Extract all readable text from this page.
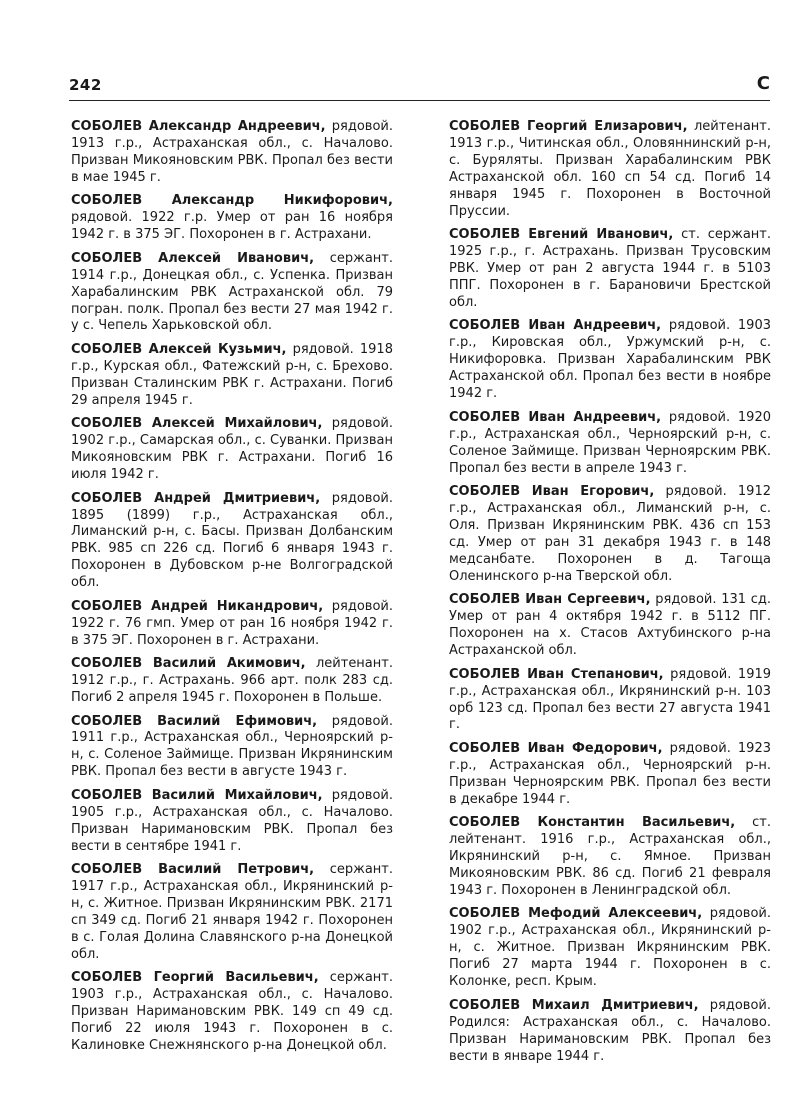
242	С

СОБОЛЕВ Александр Андреевич, рядовой. 1913 г.р., Астраханская обл., с. Началово. Призван Микояновским РВК. Пропал без вести в мае 1945 г.

СОБОЛЕВ Александр Никифорович, рядовой. 1922 г.р. Умер от ран 16 ноября 1942 г. в 375 ЭГ. Похоронен в г. Астрахани.

СОБОЛЕВ Алексей Иванович, сержант. 1914 г.р., Донецкая обл., с. Успенка. Призван Харабалинским РВК Астраханской обл. 79 погран. полк. Пропал без вести 27 мая 1942 г. у с. Чепель Харьковской обл.

СОБОЛЕВ Алексей Кузьмич, рядовой. 1918 г.р., Курская обл., Фатежский р-н, с. Брехово. Призван Сталинским РВК г. Астрахани. Погиб 29 апреля 1945 г.

СОБОЛЕВ Алексей Михайлович, рядовой. 1902 г.р., Самарская обл., с. Суванки. Призван Микояновским РВК г. Астрахани. Погиб 16 июля 1942 г.

СОБОЛЕВ Андрей Дмитриевич, рядовой. 1895 (1899) г.р., Астраханская обл., Лиманский р-н, с. Басы. Призван Долбанским РВК. 985 сп 226 сд. Погиб 6 января 1943 г. Похоронен в Дубовском р-не Волгоградской обл.

СОБОЛЕВ Андрей Никандрович, рядовой. 1922 г. 76 гмп. Умер от ран 16 ноября 1942 г. в 375 ЭГ. Похоронен в г. Астрахани.

СОБОЛЕВ Василий Акимович, лейтенант. 1912 г.р., г. Астрахань. 966 арт. полк 283 сд. Погиб 2 апреля 1945 г. Похоронен в Польше.

СОБОЛЕВ Василий Ефимович, рядовой. 1911 г.р., Астраханская обл., Черноярский р-н, с. Соленое Займище. Призван Икрянинским РВК. Пропал без вести в августе 1943 г.

СОБОЛЕВ Василий Михайлович, рядовой. 1905 г.р., Астраханская обл., с. Началово. Призван Наримановским РВК. Пропал без вести в сентябре 1941 г.

СОБОЛЕВ Василий Петрович, сержант. 1917 г.р., Астраханская обл., Икрянинский р-н, с. Житное. Призван Икрянинским РВК. 2171 сп 349 сд. Погиб 21 января 1942 г. Похоронен в с. Голая Долина Славянского р-на Донецкой обл.

СОБОЛЕВ Георгий Васильевич, сержант. 1903 г.р., Астраханская обл., с. Началово. Призван Наримановским РВК. 149 сп 49 сд. Погиб 22 июля 1943 г. Похоронен в с. Калиновке Снежнянского р-на Донецкой обл.

СОБОЛЕВ Георгий Елизарович, лейтенант. 1913 г.р., Читинская обл., Оловяннинский р-н, с. Буряляты. Призван Харабалинским РВК Астраханской обл. 160 сп 54 сд. Погиб 14 января 1945 г. Похоронен в Восточной Пруссии.

СОБОЛЕВ Евгений Иванович, ст. сержант. 1925 г.р., г. Астрахань. Призван Трусовским РВК. Умер от ран 2 августа 1944 г. в 5103 ППГ. Похоронен в г. Барановичи Брестской обл.

СОБОЛЕВ Иван Андреевич, рядовой. 1903 г.р., Кировская обл., Уржумский р-н, с. Никифоровка. Призван Харабалинским РВК Астраханской обл. Пропал без вести в ноябре 1942 г.

СОБОЛЕВ Иван Андреевич, рядовой. 1920 г.р., Астраханская обл., Черноярский р-н, с. Соленое Займище. Призван Черноярским РВК. Пропал без вести в апреле 1943 г.

СОБОЛЕВ Иван Егорович, рядовой. 1912 г.р., Астраханская обл., Лиманский р-н, с. Оля. Призван Икрянинским РВК. 436 сп 153 сд. Умер от ран 31 декабря 1943 г. в 148 медсанбате. Похоронен в д. Тагоща Оленинского р-на Тверской обл.

СОБОЛЕВ Иван Сергеевич, рядовой. 131 сд. Умер от ран 4 октября 1942 г. в 5112 ПГ. Похоронен на х. Стасов Ахтубинского р-на Астраханской обл.

СОБОЛЕВ Иван Степанович, рядовой. 1919 г.р., Астраханская обл., Икрянинский р-н. 103 орб 123 сд. Пропал без вести 27 августа 1941 г.

СОБОЛЕВ Иван Федорович, рядовой. 1923 г.р., Астраханская обл., Черноярский р-н. Призван Черноярским РВК. Пропал без вести в декабре 1944 г.

СОБОЛЕВ Константин Васильевич, ст. лейтенант. 1916 г.р., Астраханская обл., Икрянинский р-н, с. Ямное. Призван Микояновским РВК. 86 сд. Погиб 21 февраля 1943 г. Похоронен в Ленинградской обл.

СОБОЛЕВ Мефодий Алексеевич, рядовой. 1902 г.р., Астраханская обл., Икрянинский р-н, с. Житное. Призван Икрянинским РВК. Погиб 27 марта 1944 г. Похоронен в с. Колонке, респ. Крым.

СОБОЛЕВ Михаил Дмитриевич, рядовой. Родился: Астраханская обл., с. Началово. Призван Наримановским РВК. Пропал без вести в январе 1944 г.
